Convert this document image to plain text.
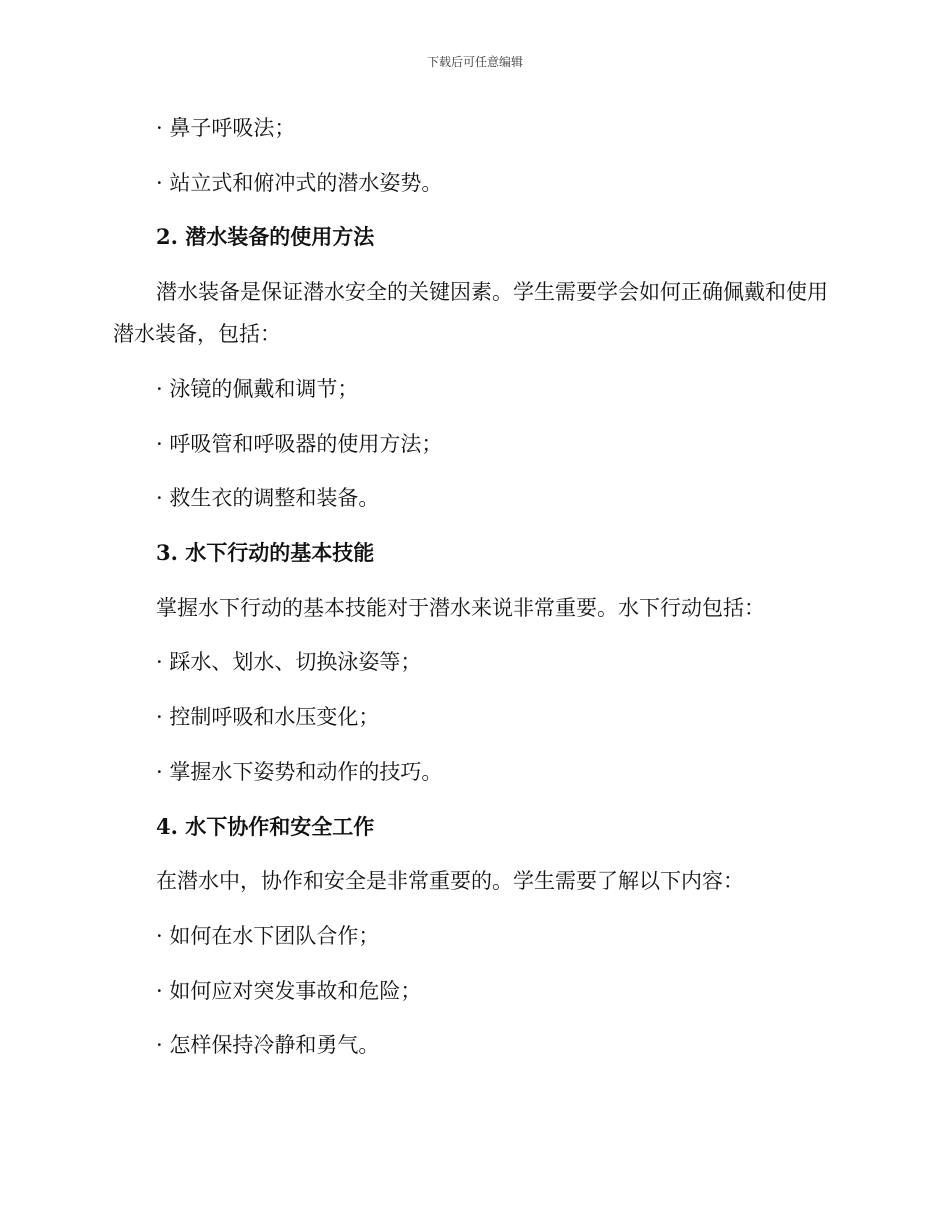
下载后可任意编辑
· 鼻子呼吸法；
· 站立式和俯冲式的潜水姿势。
2. 潜水装备的使用方法
潜水装备是保证潜水安全的关键因素。学生需要学会如何正确佩戴和使用潜水装备，包括：
· 泳镜的佩戴和调节；
· 呼吸管和呼吸器的使用方法；
· 救生衣的调整和装备。
3. 水下行动的基本技能
掌握水下行动的基本技能对于潜水来说非常重要。水下行动包括：
· 踩水、划水、切换泳姿等；
· 控制呼吸和水压变化；
· 掌握水下姿势和动作的技巧。
4. 水下协作和安全工作
在潜水中，协作和安全是非常重要的。学生需要了解以下内容：
· 如何在水下团队合作；
· 如何应对突发事故和危险；
· 怎样保持冷静和勇气。
